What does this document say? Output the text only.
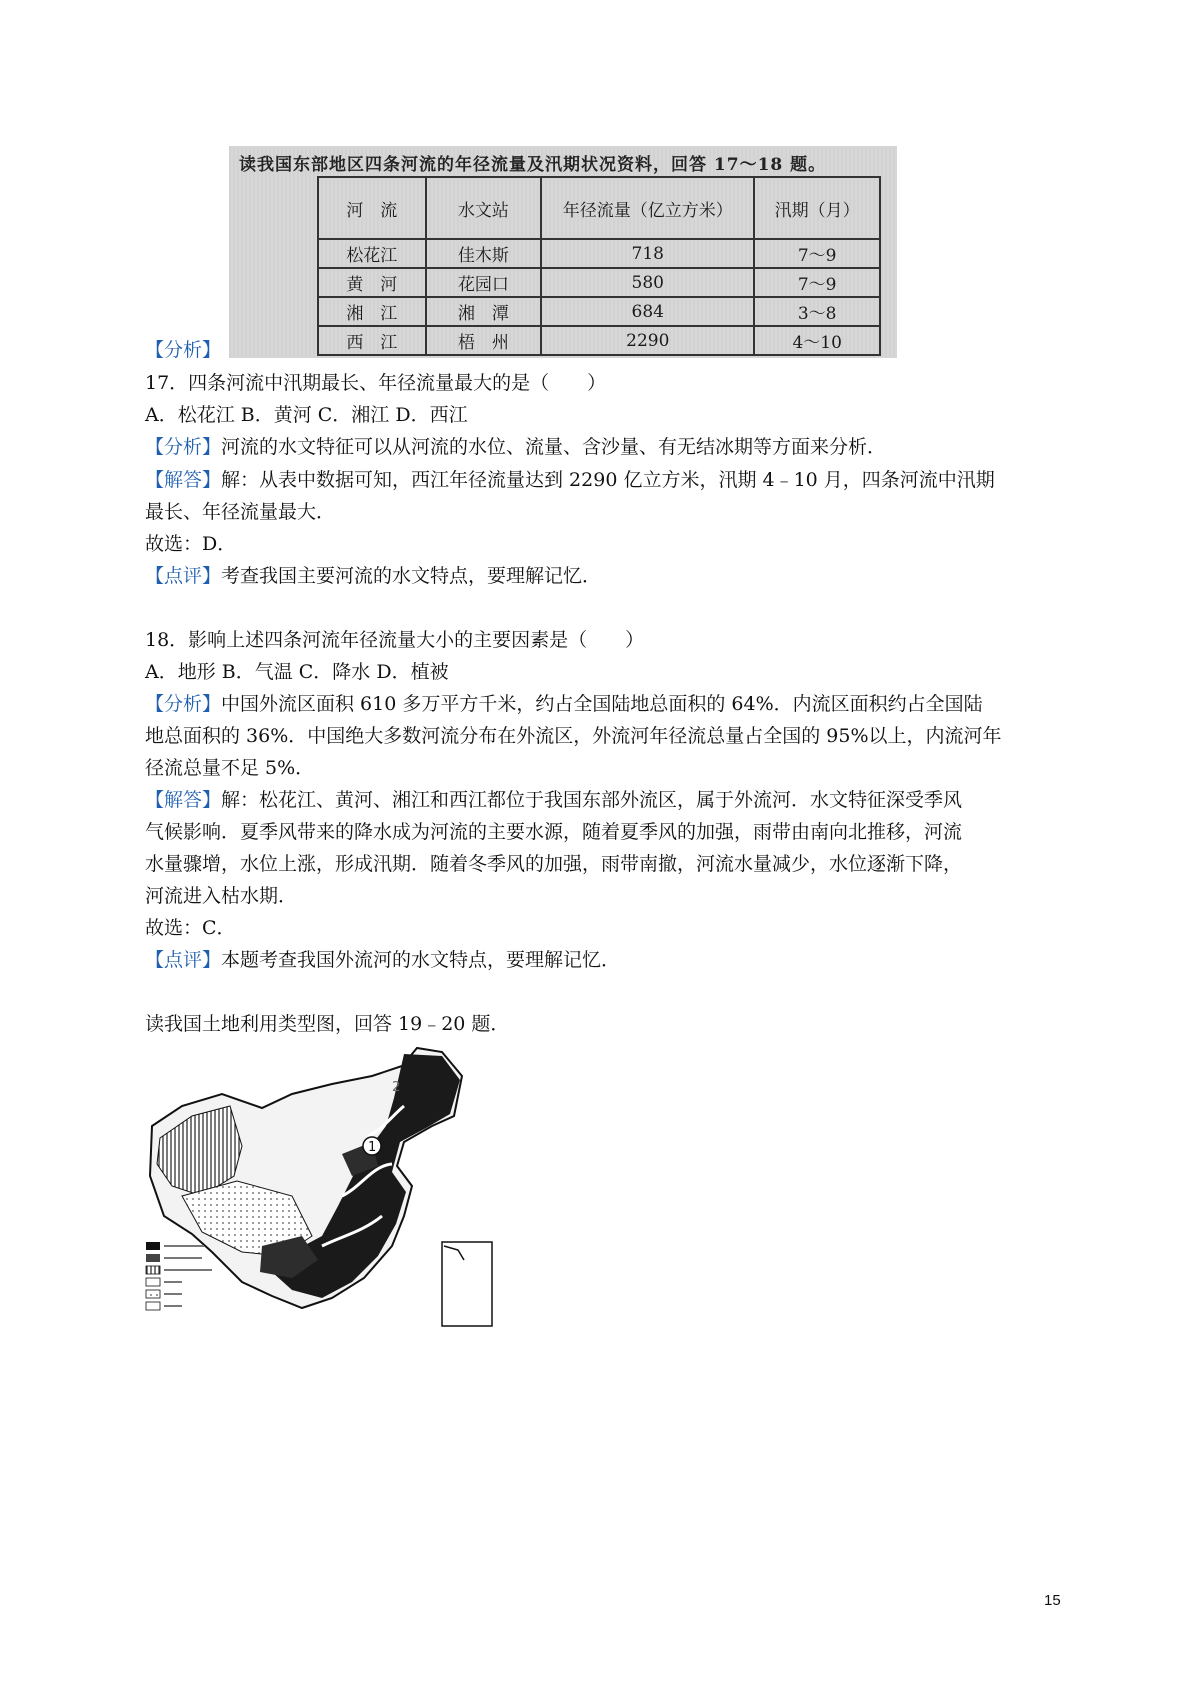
读我国东部地区四条河流的年径流量及汛期状况资料，回答 17～18 题。
河　流	水文站	年径流量（亿立方米）	汛期（月）
松花江	佳木斯	718	7～9
黄　河	花园口	580	7～9
湘　江	湘　潭	684	3～8
西　江	梧　州	2290	4～10
【分析】
17．四条河流中汛期最长、年径流量最大的是（　　）
A．松花江 B．黄河 C．湘江 D．西江
【分析】河流的水文特征可以从河流的水位、流量、含沙量、有无结冰期等方面来分析．
【解答】解：从表中数据可知，西江年径流量达到 2290 亿立方米，汛期 4﹣10 月，四条河流中汛期
最长、年径流量最大．
故选：D．
【点评】考查我国主要河流的水文特点，要理解记忆．
18．影响上述四条河流年径流量大小的主要因素是（　　）
A．地形 B．气温 C．降水 D．植被
【分析】中国外流区面积 610 多万平方千米，约占全国陆地总面积的 64%．内流区面积约占全国陆
地总面积的 36%．中国绝大多数河流分布在外流区，外流河年径流总量占全国的 95%以上，内流河年
径流总量不足 5%．
【解答】解：松花江、黄河、湘江和西江都位于我国东部外流区，属于外流河．水文特征深受季风
气候影响．夏季风带来的降水成为河流的主要水源，随着夏季风的加强，雨带由南向北推移，河流
水量骤增，水位上涨，形成汛期．随着冬季风的加强，雨带南撤，河流水量减少，水位逐渐下降，
河流进入枯水期．
故选：C．
【点评】本题考查我国外流河的水文特点，要理解记忆．
读我国土地利用类型图，回答 19﹣20 题．
1
2
15
